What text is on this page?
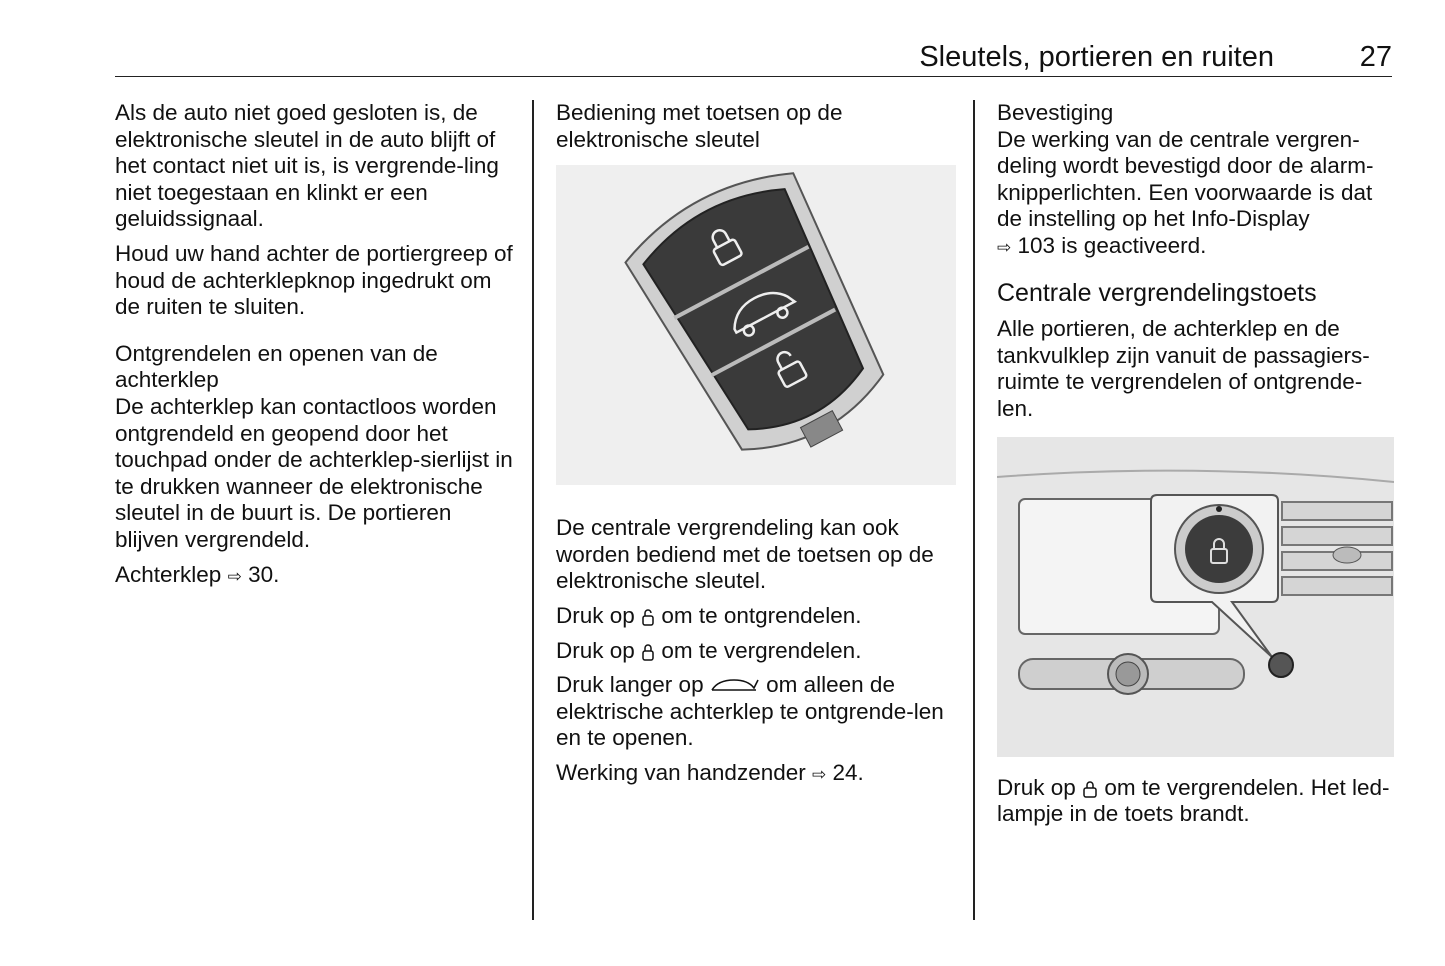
Sleutels, portieren en ruiten	27

Als de auto niet goed gesloten is, de elektronische sleutel in de auto blijft of het contact niet uit is, is vergrende-ling niet toegestaan en klinkt er een geluidssignaal.

Houd uw hand achter de portiergreep of houd de achterklepknop ingedrukt om de ruiten te sluiten.

Ontgrendelen en openen van de achterklep

De achterklep kan contactloos worden ontgrendeld en geopend door het touchpad onder de achterklep-sierlijst in te drukken wanneer de elektronische sleutel in de buurt is. De portieren blijven vergrendeld.

Achterklep ⇨ 30.

Bediening met toetsen op de elektronische sleutel

De centrale vergrendeling kan ook worden bediend met de toetsen op de elektronische sleutel.

Druk op om te ontgrendelen.

Druk op om te vergrendelen.

Druk langer op	om alleen de elektrische achterklep te ontgrende-len en te openen.

Werking van handzender ⇨ 24.

Bevestiging

De werking van de centrale vergren-deling wordt bevestigd door de alarm-knipperlichten. Een voorwaarde is dat de instelling op het Info-Display
⇨ 103 is geactiveerd.

Centrale vergrendelingstoets

Alle portieren, de achterklep en de tankvulklep zijn vanuit de passagiers-ruimte te vergrendelen of ontgrende-len.

Druk op om te vergrendelen. Het led-lampje in de toets brandt.
